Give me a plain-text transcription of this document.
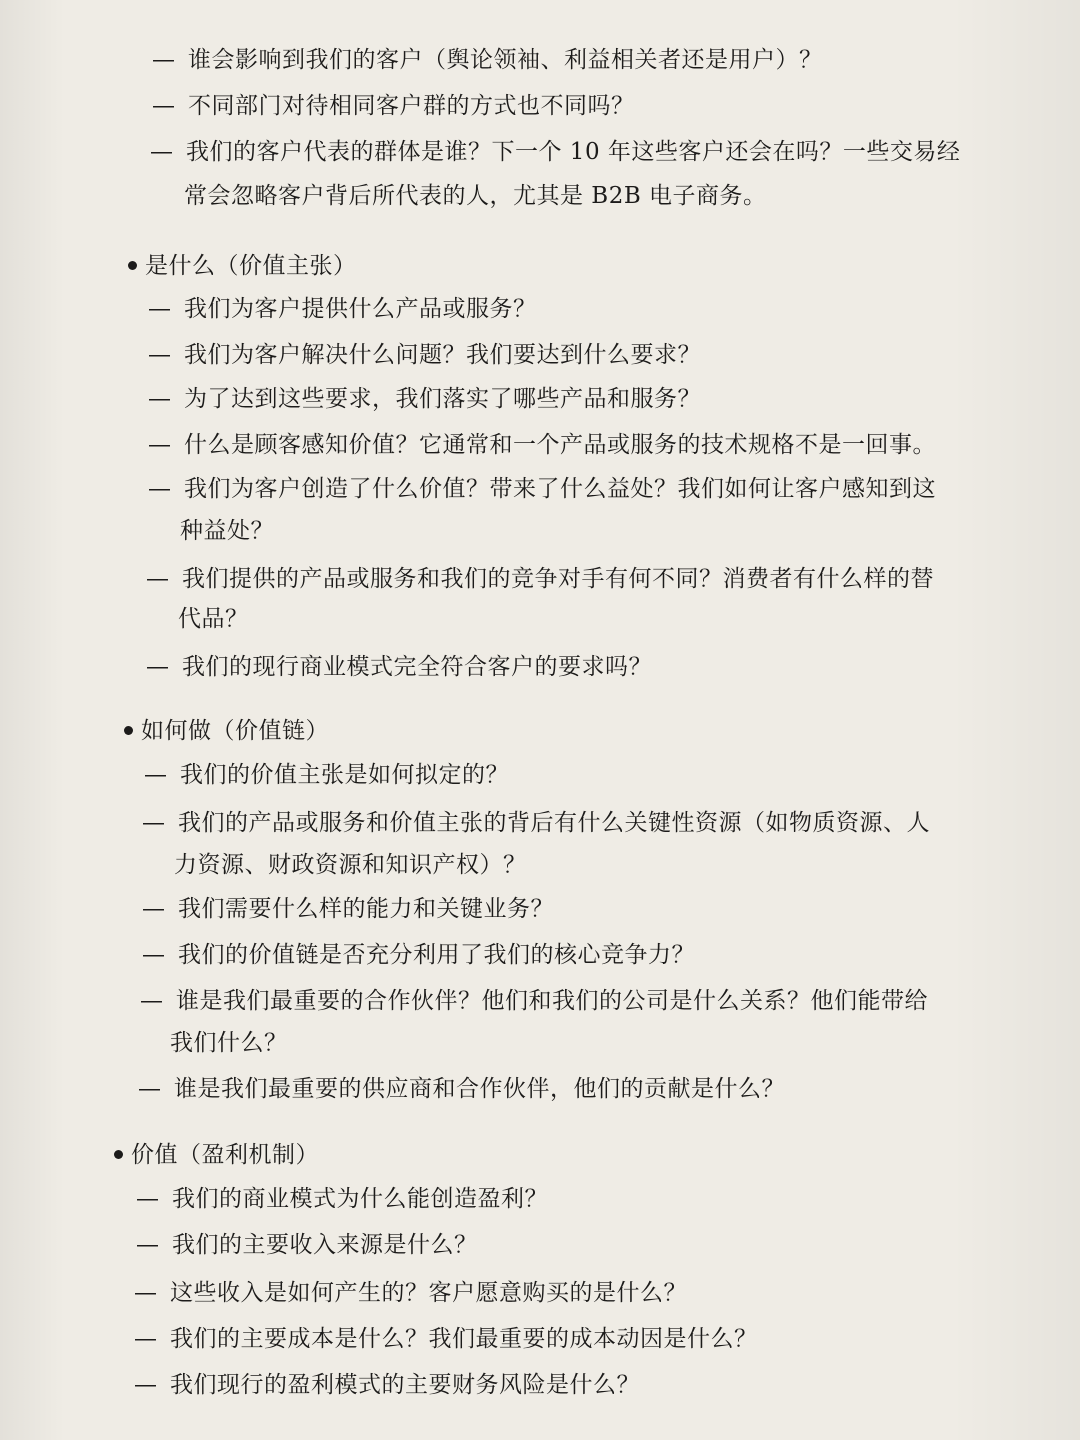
— 谁会影响到我们的客户（舆论领袖、利益相关者还是用户）？
— 不同部门对待相同客户群的方式也不同吗？
— 我们的客户代表的群体是谁？下一个 10 年这些客户还会在吗？一些交易经
常会忽略客户背后所代表的人，尤其是 B2B 电子商务。
是什么（价值主张）
— 我们为客户提供什么产品或服务？
— 我们为客户解决什么问题？我们要达到什么要求？
— 为了达到这些要求，我们落实了哪些产品和服务？
— 什么是顾客感知价值？它通常和一个产品或服务的技术规格不是一回事。
— 我们为客户创造了什么价值？带来了什么益处？我们如何让客户感知到这
种益处？
— 我们提供的产品或服务和我们的竞争对手有何不同？消费者有什么样的替
代品？
— 我们的现行商业模式完全符合客户的要求吗？
如何做（价值链）
— 我们的价值主张是如何拟定的？
— 我们的产品或服务和价值主张的背后有什么关键性资源（如物质资源、人
力资源、财政资源和知识产权）？
— 我们需要什么样的能力和关键业务？
— 我们的价值链是否充分利用了我们的核心竞争力？
— 谁是我们最重要的合作伙伴？他们和我们的公司是什么关系？他们能带给
我们什么？
— 谁是我们最重要的供应商和合作伙伴，他们的贡献是什么？
价值（盈利机制）
— 我们的商业模式为什么能创造盈利？
— 我们的主要收入来源是什么？
— 这些收入是如何产生的？客户愿意购买的是什么？
— 我们的主要成本是什么？我们最重要的成本动因是什么？
— 我们现行的盈利模式的主要财务风险是什么？
